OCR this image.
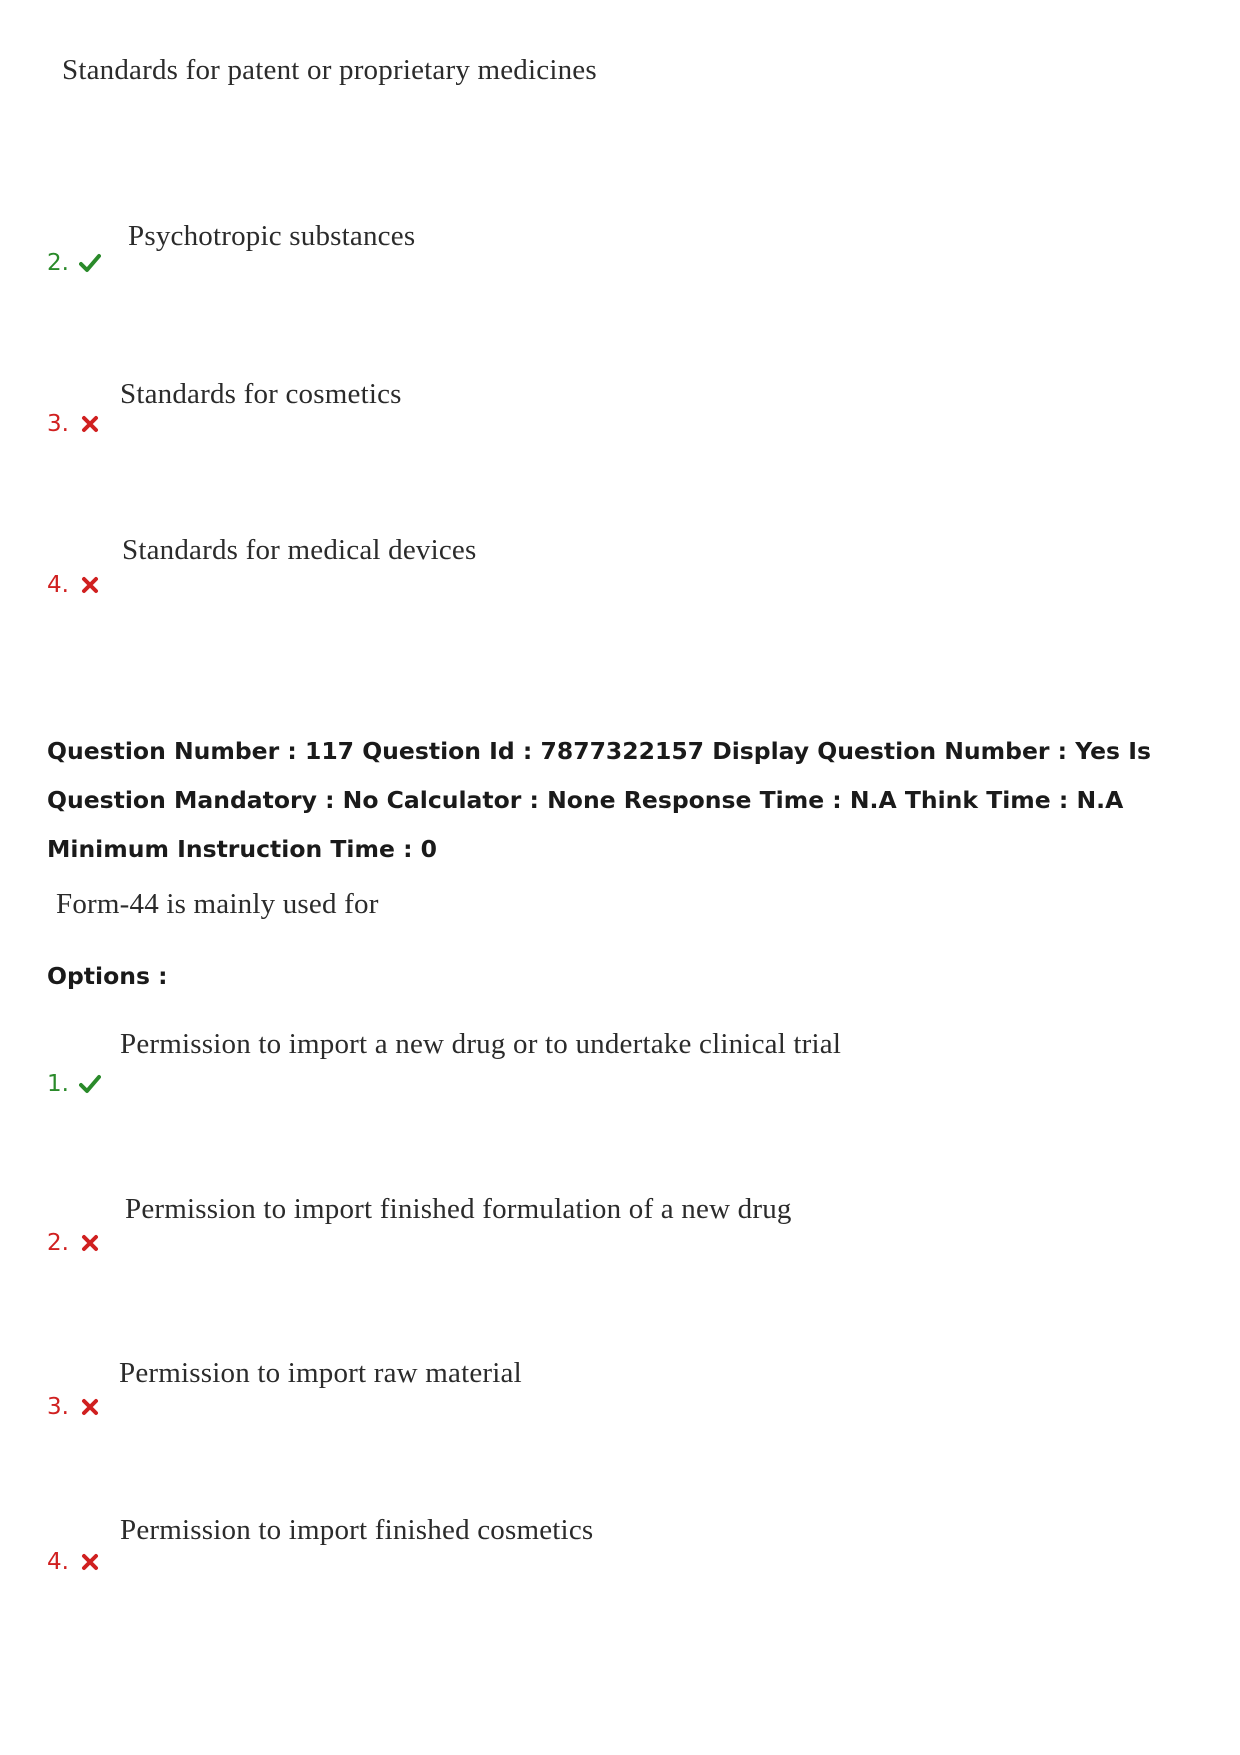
Standards for patent or proprietary medicines
Psychotropic substances
2.
Standards for cosmetics
3.
Standards for medical devices
4.

Question Number : 117 Question Id : 7877322157 Display Question Number : Yes Is Question Mandatory : No Calculator : None Response Time : N.A Think Time : N.A Minimum Instruction Time : 0

Form-44 is mainly used for
Options :
Permission to import a new drug or to undertake clinical trial
1.
Permission to import finished formulation of a new drug
2.
Permission to import raw material
3.
Permission to import finished cosmetics
4.
